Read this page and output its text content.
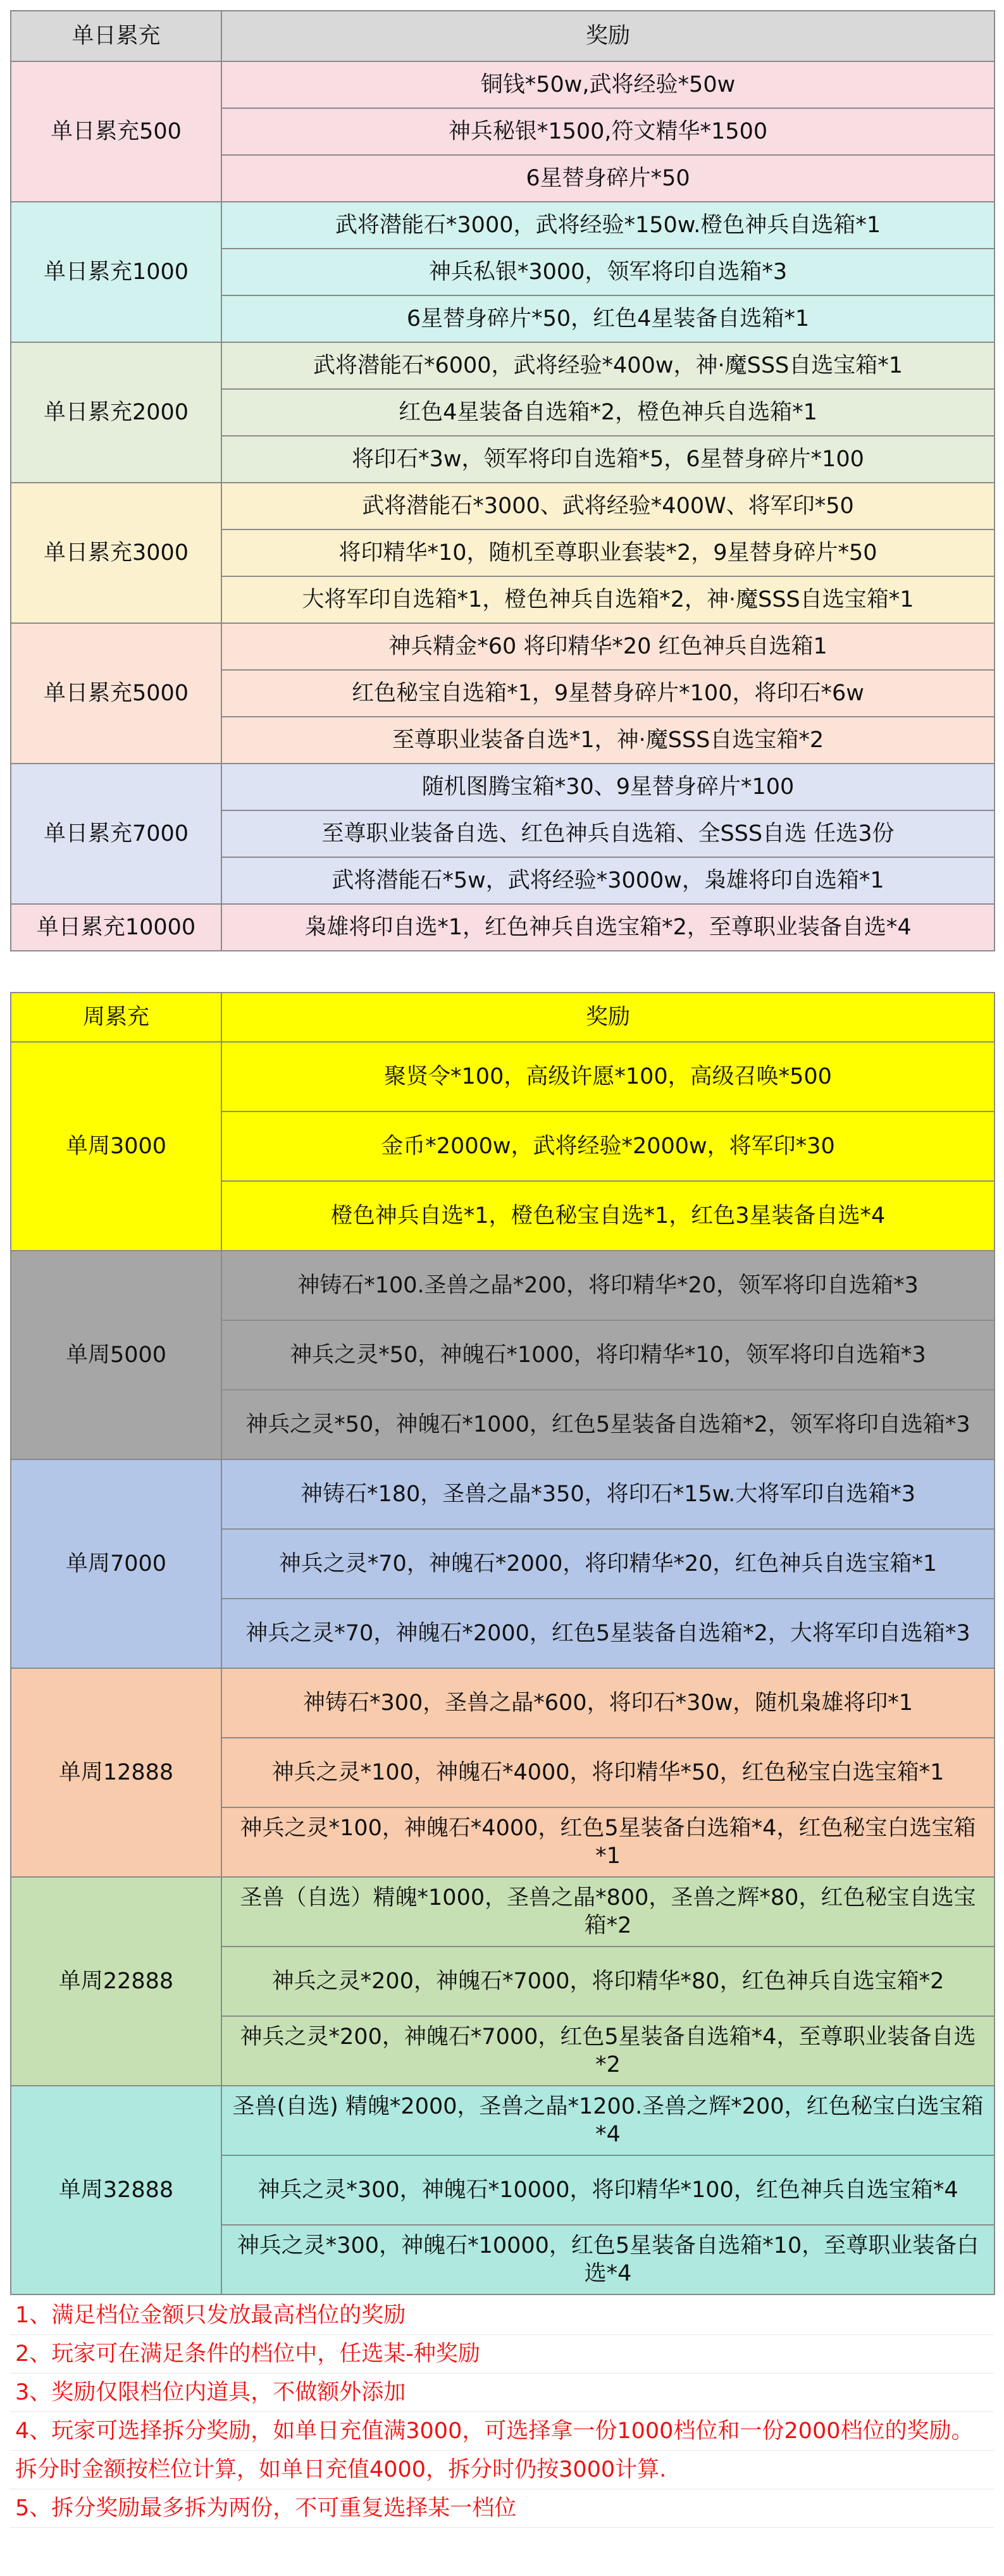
单日累充	奖励
单日累充500	铜钱*50w,武将经验*50w
	神兵秘银*1500,符文精华*1500
	6星替身碎片*50
单日累充1000	武将潜能石*3000，武将经验*150w.橙色神兵自选箱*1
	神兵私银*3000，领军将印自选箱*3
	6星替身碎片*50，红色4星装备自选箱*1
单日累充2000	武将潜能石*6000，武将经验*400w，神·魔SSS自选宝箱*1
	红色4星装备自选箱*2，橙色神兵自选箱*1
	将印石*3w，领军将印自选箱*5，6星替身碎片*100
单日累充3000	武将潜能石*3000、武将经验*400W、将军印*50
	将印精华*10，随机至尊职业套装*2，9星替身碎片*50
	大将军印自选箱*1，橙色神兵自选箱*2，神·魔SSS自选宝箱*1
单日累充5000	神兵精金*60 将印精华*20 红色神兵自选箱1
	红色秘宝自选箱*1，9星替身碎片*100，将印石*6w
	至尊职业装备自选*1，神·魔SSS自选宝箱*2
单日累充7000	随机图腾宝箱*30、9星替身碎片*100
	至尊职业装备自选、红色神兵自选箱、全SSS自选 任选3份
	武将潜能石*5w，武将经验*3000w，枭雄将印自选箱*1
单日累充10000	枭雄将印自选*1，红色神兵自选宝箱*2，至尊职业装备自选*4
周累充	奖励
单周3000	聚贤令*100，高级许愿*100，高级召唤*500
	金币*2000w，武将经验*2000w，将军印*30
	橙色神兵自选*1，橙色秘宝自选*1，红色3星装备自选*4
单周5000	神铸石*100.圣兽之晶*200，将印精华*20，领军将印自选箱*3
	神兵之灵*50，神魄石*1000，将印精华*10，领军将印自选箱*3
	神兵之灵*50，神魄石*1000，红色5星装备自选箱*2，领军将印自选箱*3
单周7000	神铸石*180，圣兽之晶*350，将印石*15w.大将军印自选箱*3
	神兵之灵*70，神魄石*2000，将印精华*20，红色神兵自选宝箱*1
	神兵之灵*70，神魄石*2000，红色5星装备自选箱*2，大将军印自选箱*3
单周12888	神铸石*300，圣兽之晶*600，将印石*30w，随机枭雄将印*1
	神兵之灵*100，神魄石*4000，将印精华*50，红色秘宝白选宝箱*1
	神兵之灵*100，神魄石*4000，红色5星装备白选箱*4，红色秘宝白选宝箱*1
单周22888	圣兽（自选）精魄*1000，圣兽之晶*800，圣兽之辉*80，红色秘宝自选宝箱*2
	神兵之灵*200，神魄石*7000，将印精华*80，红色神兵自选宝箱*2
	神兵之灵*200，神魄石*7000，红色5星装备自选箱*4，至尊职业装备自选*2
单周32888	圣兽(自选) 精魄*2000，圣兽之晶*1200.圣兽之辉*200，红色秘宝白选宝箱*4
	神兵之灵*300，神魄石*10000，将印精华*100，红色神兵自选宝箱*4
	神兵之灵*300，神魄石*10000，红色5星装备自选箱*10，至尊职业装备白选*4
1、满足档位金额只发放最高档位的奖励
2、玩家可在满足条件的档位中，任选某-种奖励
3、奖励仅限档位内道具，不做额外添加
4、玩家可选择拆分奖励，如单日充值满3000，可选择拿一份1000档位和一份2000档位的奖励。
拆分时金额按栏位计算，如单日充值4000，拆分时仍按3000计算.
5、拆分奖励最多拆为两份，不可重复选择某一档位
